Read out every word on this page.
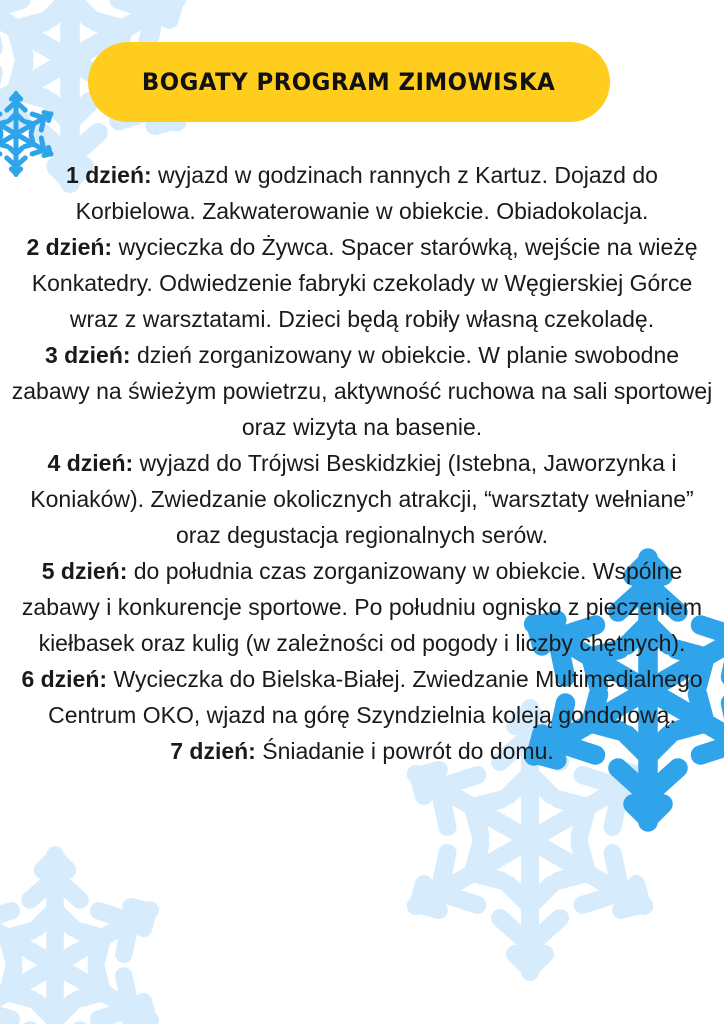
BOGATY PROGRAM ZIMOWISKA

1 dzień: wyjazd w godzinach rannych z Kartuz. Dojazd do Korbielowa. Zakwaterowanie w obiekcie. Obiadokolacja.

2 dzień: wycieczka do Żywca. Spacer starówką, wejście na wieżę Konkatedry. Odwiedzenie fabryki czekolady w Węgierskiej Górce wraz z warsztatami. Dzieci będą robiły własną czekoladę.

3 dzień: dzień zorganizowany w obiekcie. W planie swobodne zabawy na świeżym powietrzu, aktywność ruchowa na sali sportowej oraz wizyta na basenie.

4 dzień: wyjazd do Trójwsi Beskidzkiej (Istebna, Jaworzynka i Koniaków). Zwiedzanie okolicznych atrakcji, “warsztaty wełniane” oraz degustacja regionalnych serów.

5 dzień: do południa czas zorganizowany w obiekcie. Wspólne zabawy i konkurencje sportowe. Po południu ognisko z pieczeniem kiełbasek oraz kulig (w zależności od pogody i liczby chętnych).

6 dzień: Wycieczka do Bielska-Białej. Zwiedzanie Multimedialnego Centrum OKO, wjazd na górę Szyndzielnia koleją gondolową.

7 dzień: Śniadanie i powrót do domu.
